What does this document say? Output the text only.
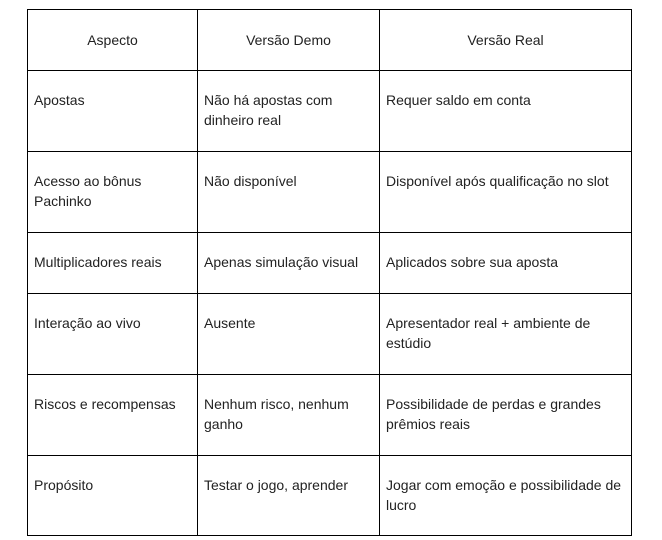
Aspecto	Versão Demo	Versão Real
Apostas	Não há apostas com dinheiro real	Requer saldo em conta
Acesso ao bônus Pachinko	Não disponível	Disponível após qualificação no slot
Multiplicadores reais	Apenas simulação visual	Aplicados sobre sua aposta
Interação ao vivo	Ausente	Apresentador real + ambiente de estúdio
Riscos e recompensas	Nenhum risco, nenhum ganho	Possibilidade de perdas e grandes prêmios reais
Propósito	Testar o jogo, aprender	Jogar com emoção e possibilidade de lucro
